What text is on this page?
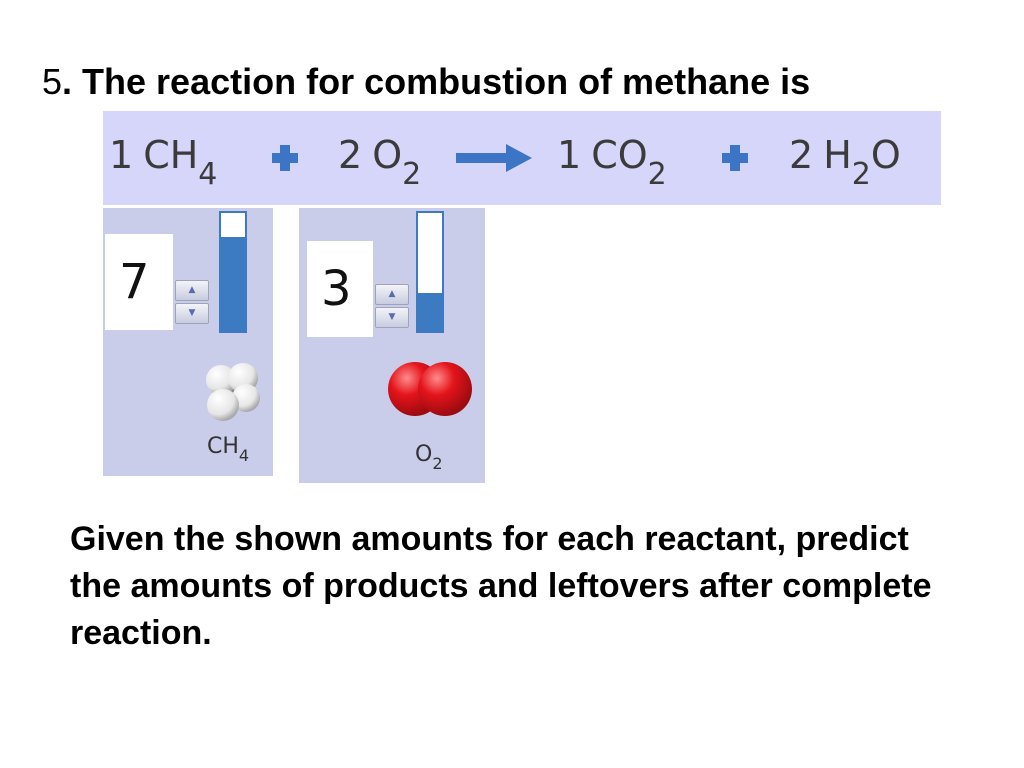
5. The reaction for combustion of methane is
1 $CH_4$	2 $O_2$	1 $CO_2$	2 $H_2O$
7	▲
▼
$CH_4$
3	▲
▼
$O_2$

Given the shown amounts for each reactant, predict the amounts of products and leftovers after complete reaction.
